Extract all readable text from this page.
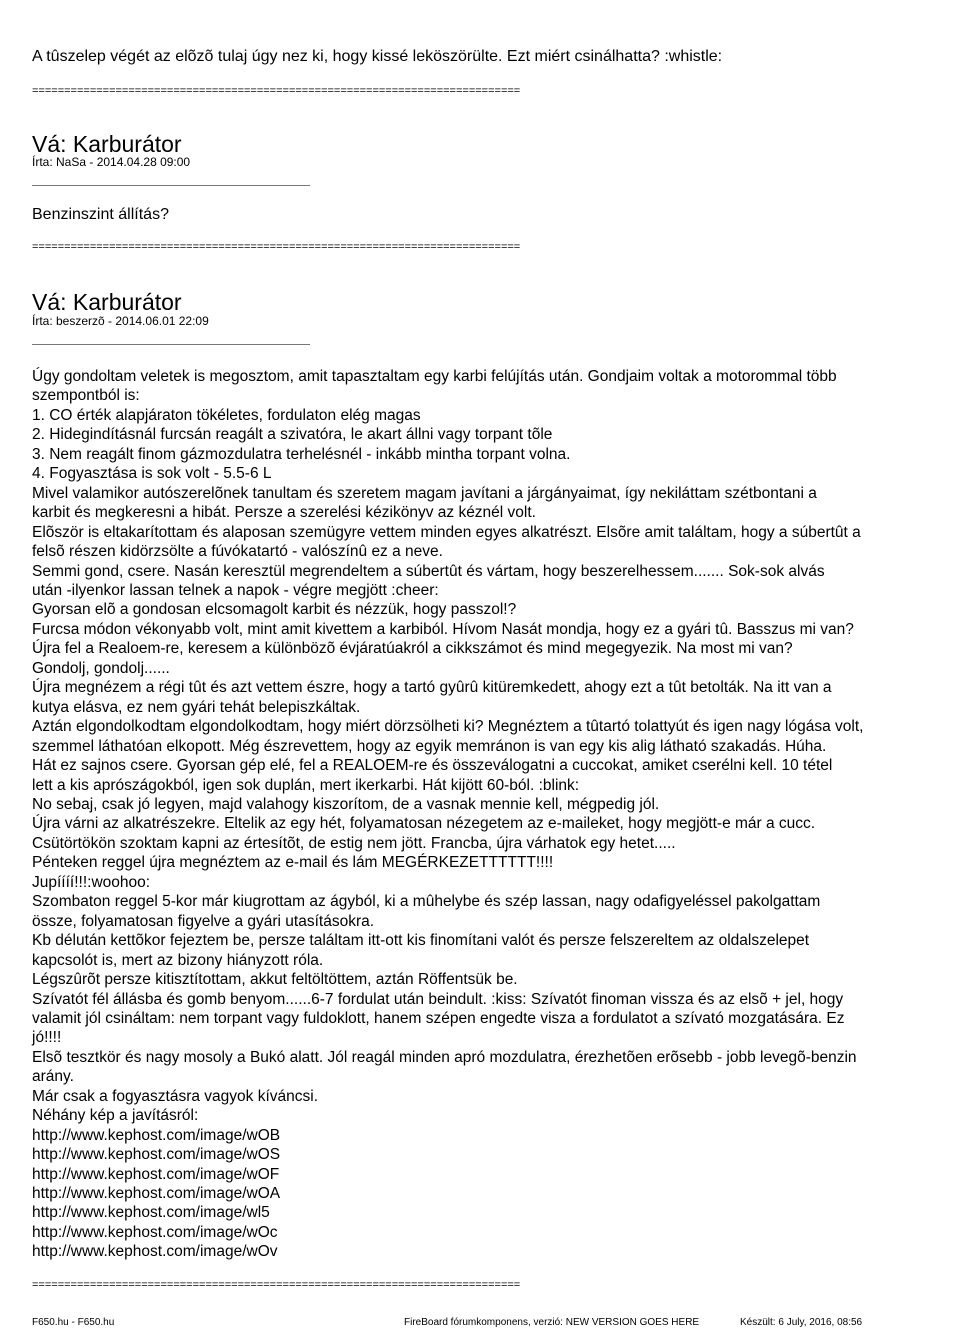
A tûszelep végét az elõzõ tulaj úgy nez ki, hogy kissé leköszörülte. Ezt miért csinálhatta? :whistle:
============================================================================
Vá: Karburátor
Írta: NaSa - 2014.04.28 09:00
Benzinszint állítás?
============================================================================
Vá: Karburátor
Írta: beszerzõ - 2014.06.01 22:09
Úgy gondoltam veletek is megosztom, amit tapasztaltam egy karbi felújítás után. Gondjaim voltak a motorommal több
szempontból is:
1. CO érték alapjáraton tökéletes, fordulaton elég magas
2. Hidegindításnál furcsán reagált a szivatóra, le akart állni vagy torpant tõle
3. Nem reagált finom gázmozdulatra terhelésnél - inkább mintha torpant volna.
4. Fogyasztása is sok volt - 5.5-6 L
Mivel valamikor autószerelõnek tanultam és szeretem magam javítani a járgányaimat, így nekiláttam szétbontani a
karbit és megkeresni a hibát. Persze a szerelési kézikönyv az kéznél volt.
Elõször is eltakarítottam és alaposan szemügyre vettem minden egyes alkatrészt. Elsõre amit találtam, hogy a súbertût a
felsõ részen kidörzsölte a fúvókatartó - valószínû ez a neve.
Semmi gond, csere. Nasán keresztül megrendeltem a súbertût és vártam, hogy beszerelhessem....... Sok-sok alvás
után -ilyenkor lassan telnek a napok - végre megjött :cheer:
Gyorsan elõ a gondosan elcsomagolt karbit és nézzük, hogy passzol!?
Furcsa módon vékonyabb volt, mint amit kivettem a karbiból. Hívom Nasát mondja, hogy ez a gyári tû. Basszus mi van?
Újra fel a Realoem-re, keresem a különbözõ évjáratúakról a cikkszámot és mind megegyezik. Na most mi van?
Gondolj, gondolj......
Újra megnézem a régi tût és azt vettem észre, hogy a tartó gyûrû kitüremkedett, ahogy ezt a tût betolták. Na itt van a
kutya elásva, ez nem gyári tehát belepiszkáltak.
Aztán elgondolkodtam elgondolkodtam, hogy miért dörzsölheti ki? Megnéztem a tûtartó tolattyút és igen nagy lógása volt,
szemmel láthatóan elkopott. Még észrevettem, hogy az egyik memránon is van egy kis alig látható szakadás. Húha.
Hát ez sajnos csere. Gyorsan gép elé, fel a REALOEM-re és összeválogatni a cuccokat, amiket cserélni kell. 10 tétel
lett a kis aprószágokból, igen sok duplán, mert ikerkarbi. Hát kijött 60-ból. :blink:
No sebaj, csak jó legyen, majd valahogy kiszorítom, de a vasnak mennie kell, mégpedig jól.
Újra várni az alkatrészekre. Eltelik az egy hét, folyamatosan nézegetem az e-maileket, hogy megjött-e már a cucc.
Csütörtökön szoktam kapni az értesítõt, de estig nem jött. Francba, újra várhatok egy hetet.....
Pénteken reggel újra megnéztem az e-mail és lám MEGÉRKEZETTTTTT!!!!
Jupíííí!!!:woohoo:
Szombaton reggel 5-kor már kiugrottam az ágyból, ki a mûhelybe és szép lassan, nagy odafigyeléssel pakolgattam
össze, folyamatosan figyelve a gyári utasításokra.
Kb délután kettõkor fejeztem be, persze találtam itt-ott kis finomítani valót és persze felszereltem az oldalszelepet
kapcsolót is, mert az bizony hiányzott róla.
Légszûrõt persze kitisztítottam, akkut feltöltöttem, aztán Röffentsük be.
Szívatót fél állásba és gomb benyom......6-7 fordulat után beindult. :kiss: Szívatót finoman vissza és az elsõ + jel, hogy
valamit jól csináltam: nem torpant vagy fuldoklott, hanem szépen engedte visza a fordulatot a szívató mozgatására. Ez
jó!!!!
Elsõ tesztkör és nagy mosoly a Bukó alatt. Jól reagál minden apró mozdulatra, érezhetõen erõsebb - jobb levegõ-benzin
arány.
Már csak a fogyasztásra vagyok kíváncsi.
Néhány kép a javításról:
http://www.kephost.com/image/wOB
http://www.kephost.com/image/wOS
http://www.kephost.com/image/wOF
http://www.kephost.com/image/wOA
http://www.kephost.com/image/wl5
http://www.kephost.com/image/wOc
http://www.kephost.com/image/wOv
============================================================================
F650.hu - F650.hu	FireBoard fórumkomponens, verzió: NEW VERSION GOES HERE	Készült: 6 July, 2016, 08:56
